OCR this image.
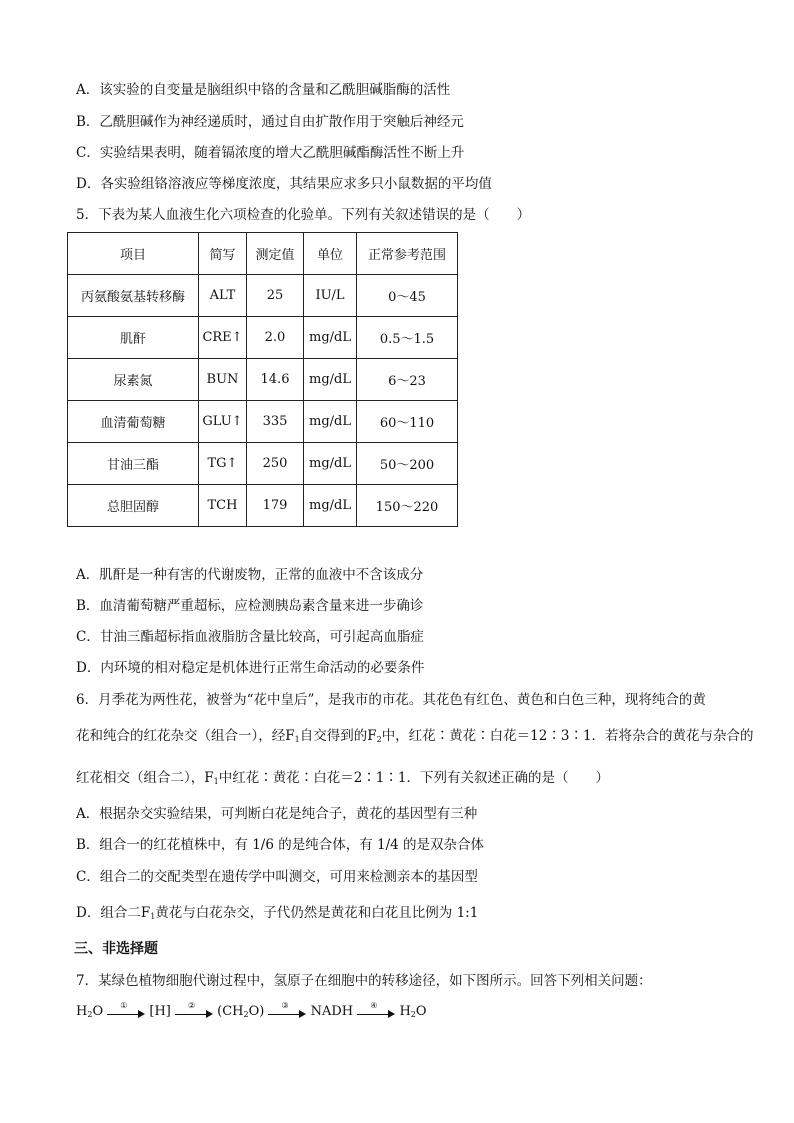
A．该实验的自变量是脑组织中铬的含量和乙酰胆碱脂酶的活性
B．乙酰胆碱作为神经递质时，通过自由扩散作用于突触后神经元
C．实验结果表明，随着镉浓度的增大乙酰胆碱酯酶活性不断上升
D．各实验组铬溶液应等梯度浓度，其结果应求多只小鼠数据的平均值
5．下表为某人血液生化六项检查的化验单。下列有关叙述错误的是（　　）
项目	简写	测定值	单位	正常参考范围
丙氨酸氨基转移酶	ALT	25	IU/L	0～45
肌酐	CRE↑	2.0	mg/dL	0.5～1.5
尿素氮	BUN	14.6	mg/dL	6～23
血清葡萄糖	GLU↑	335	mg/dL	60～110
甘油三酯	TG↑	250	mg/dL	50～200
总胆固醇	TCH	179	mg/dL	150～220
A．肌酐是一种有害的代谢废物，正常的血液中不含该成分
B．血清葡萄糖严重超标，应检测胰岛素含量来进一步确诊
C．甘油三酯超标指血液脂肪含量比较高，可引起高血脂症
D．内环境的相对稳定是机体进行正常生命活动的必要条件
6．月季花为两性花，被誉为“花中皇后”，是我市的市花。其花色有红色、黄色和白色三种，现将纯合的黄
花和纯合的红花杂交（组合一），经$F_1$自交得到的$F_2$中，红花∶黄花∶白花＝12∶3∶1．若将杂合的黄花与杂合的
红花相交（组合二），$F_1$中红花∶黄花∶白花＝2∶1∶1．下列有关叙述正确的是（　　）
A．根据杂交实验结果，可判断白花是纯合子，黄花的基因型有三种
B．组合一的红花植株中，有 1/6 的是纯合体，有 1/4 的是双杂合体
C．组合二的交配类型在遗传学中叫测交，可用来检测亲本的基因型
D．组合二$F_1$黄花与白花杂交，子代仍然是黄花和白花且比例为 1:1
三、非选择题
7．某绿色植物细胞代谢过程中，氢原子在细胞中的转移途径，如下图所示。回答下列相关问题：
$H_2O$ ① [H] ② $(CH_2O)$ ③ NADH ④ $H_2O$
